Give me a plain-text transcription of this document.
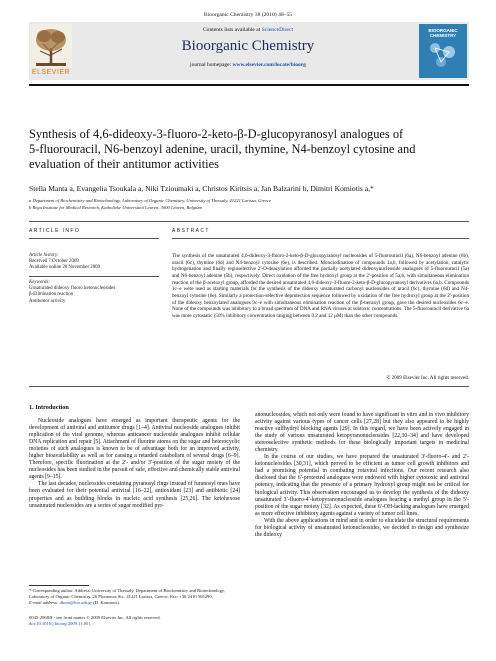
Bioorganic Chemistry 38 (2010) 48–55
ELSEVIER
Contents lists available at ScienceDirect
Bioorganic Chemistry
journal homepage: www.elsevier.com/locate/bioorg
BIOORGANIC CHEMISTRY
Synthesis of 4,6-dideoxy-3-fluoro-2-keto-β-D-glucopyranosyl analogues of
5-fluorouracil, N6-benzoyl adenine, uracil, thymine, N4-benzoyl cytosine and
evaluation of their antitumor activities
Stella Manta a, Evangelia Tsoukala a, Niki Tzioumaki a, Christos Kiritsis a, Jan Balzarini b, Dimitri Komiotis a,*
a Department of Biochemistry and Biotechnology, Laboratory of Organic Chemistry, University of Thessaly, 41221 Larissa, Greece
b Rega Institute for Medical Research, Katholieke Universiteit Leuven, 3000 Leuven, Belgium
ARTICLE INFO	ABSTRACT
Article history:
Received 7 October 2009
Available online 20 November 2009
Keywords:
Unsaturated dideoxy fluoro ketonucleosides
β-Elimination reaction
Antitumor activity
The synthesis of the unsaturated 4,6-dideoxy-3-fluoro-2-keto-β-D-glucopyranosyl nucleosides of 5-fluorouracil (6a), N6-benzoyl adenine (6b), uracil (6c), thymine (6d) and N4-benzoyl cytosine (6e), is described. Monoiodination of compounds 1a,b, followed by acetylation, catalytic hydrogenation and finally regioselective 2′-O-deacylation afforded the partially acetylated dideoxynucleoside analogues of 5-fluorouracil (5a) and N6-benzoyl adenine (5b), respectively. Direct oxidation of the free hydroxyl group at the 2′-position of 5a,b, with simultaneous elimination reaction of the β-acetoxyl group, afforded the desired unsaturated 4,6-dideoxy-3-fluoro-2-keto-β-D-glucopyranosyl derivatives 6a,b. Compounds 1c–e were used as starting materials for the synthesis of the dideoxy unsaturated carbonyl nucleosides of uracil (6c), thymine (6d) and N4-benzoyl cytosine (6e). Similarly a protection-selective deprotection sequence followed by oxidation of the free hydroxyl group at the 2′-position of the dideoxy benzoylated analogues 9c–e with simultaneous elimination reaction of the β-benzoyl group, gave the desired nucleosides 6c–e. None of the compounds was inhibitory to a broad spectrum of DNA and RNA viruses at subtoxic concentrations. The 5-fluorouracil derivative 6a was more cytostatic (50% inhibitory concentration ranging between 0.2 and 12 μM) than the other compounds.
© 2009 Elsevier Inc. All rights reserved.
1. Introduction

Nucleoside analogues have emerged as important therapeutic agents for the development of antiviral and antitumor drugs [1–4]. Antiviral nucleoside analogues inhibit replication of the viral genome, whereas anticancer nucleoside analogues inhibit cellular DNA replication and repair [5]. Attachment of fluorine atoms on the sugar and heterocyclic moieties of such analogues is known to be of advantage both for an improved activity, higher bioavailability as well as for causing a retarded catabolism of several drugs [6–9]. Therefore, specific fluorination at the 2′- and/or 3′-position of the sugar moiety of the nucleosides has been studied in the pursuit of safe, effective and chemically stable antiviral agents [9–15].

The last decades, nucleosides containing pyranosyl rings instead of furanosyl ones have been evaluated for their potential antiviral [16–22], antioxidant [23] and antibiotic [24] properties and as building blocks in nucleic acid synthesis [25,26]. The ketohexose unsaturated nucleosides are a series of sugar modified pyr-

anonucleosides, which not only were found to have significant in vitro and in vivo inhibitory activity against various types of cancer cells [27,28] but they also appeared to be highly reactive sulfhydryl blocking agents [29]. In this regard, we have been actively engaged in the study of various unsaturated ketopyranonucleosides [22,30–34] and have developed stereoselective synthetic methods for these biologically important targets in medicinal chemistry.

In the course of our studies, we have prepared the unsaturated 3′-fluoro-4′- and 2′-ketonucleosides [30,31], which proved to be efficient as tumor cell growth inhibitors and had a promising potential in combating rotaviral infections. Our recent research also disclosed that the 6′-protected analogues were endowed with higher cytotoxic and antiviral potency, indicating that the presence of a primary hydroxyl group might not be critical for biological activity. This observation encouraged us to develop the synthesis of the dideoxy unsaturated 3′-fluoro-4′-ketopyranonucleoside analogues bearing a methyl group in the 5′-position of the sugar moiety [32]. As expected, these 6′-OH-lacking analogues have emerged as more effective inhibitory agents against a variety of tumor cell lines.

With the above applications in mind and in order to elucidate the structural requirements for biological activity of unsaturated ketonucleosides, we decided to design and synthesize the dideoxy

* Corresponding author. Address: University of Thessaly, Department of Biochemistry and Biotechnology, Laboratory of Organic Chemistry, 26 Ploutonos Str., 41221 Larissa, Greece. Fax: +30 2410 565290.
E-mail address: dkom@bio.uth.gr (D. Komiotis).
0045-2068/$ - see front matter © 2009 Elsevier Inc. All rights reserved.
doi:10.1016/j.bioorg.2009.11.001
